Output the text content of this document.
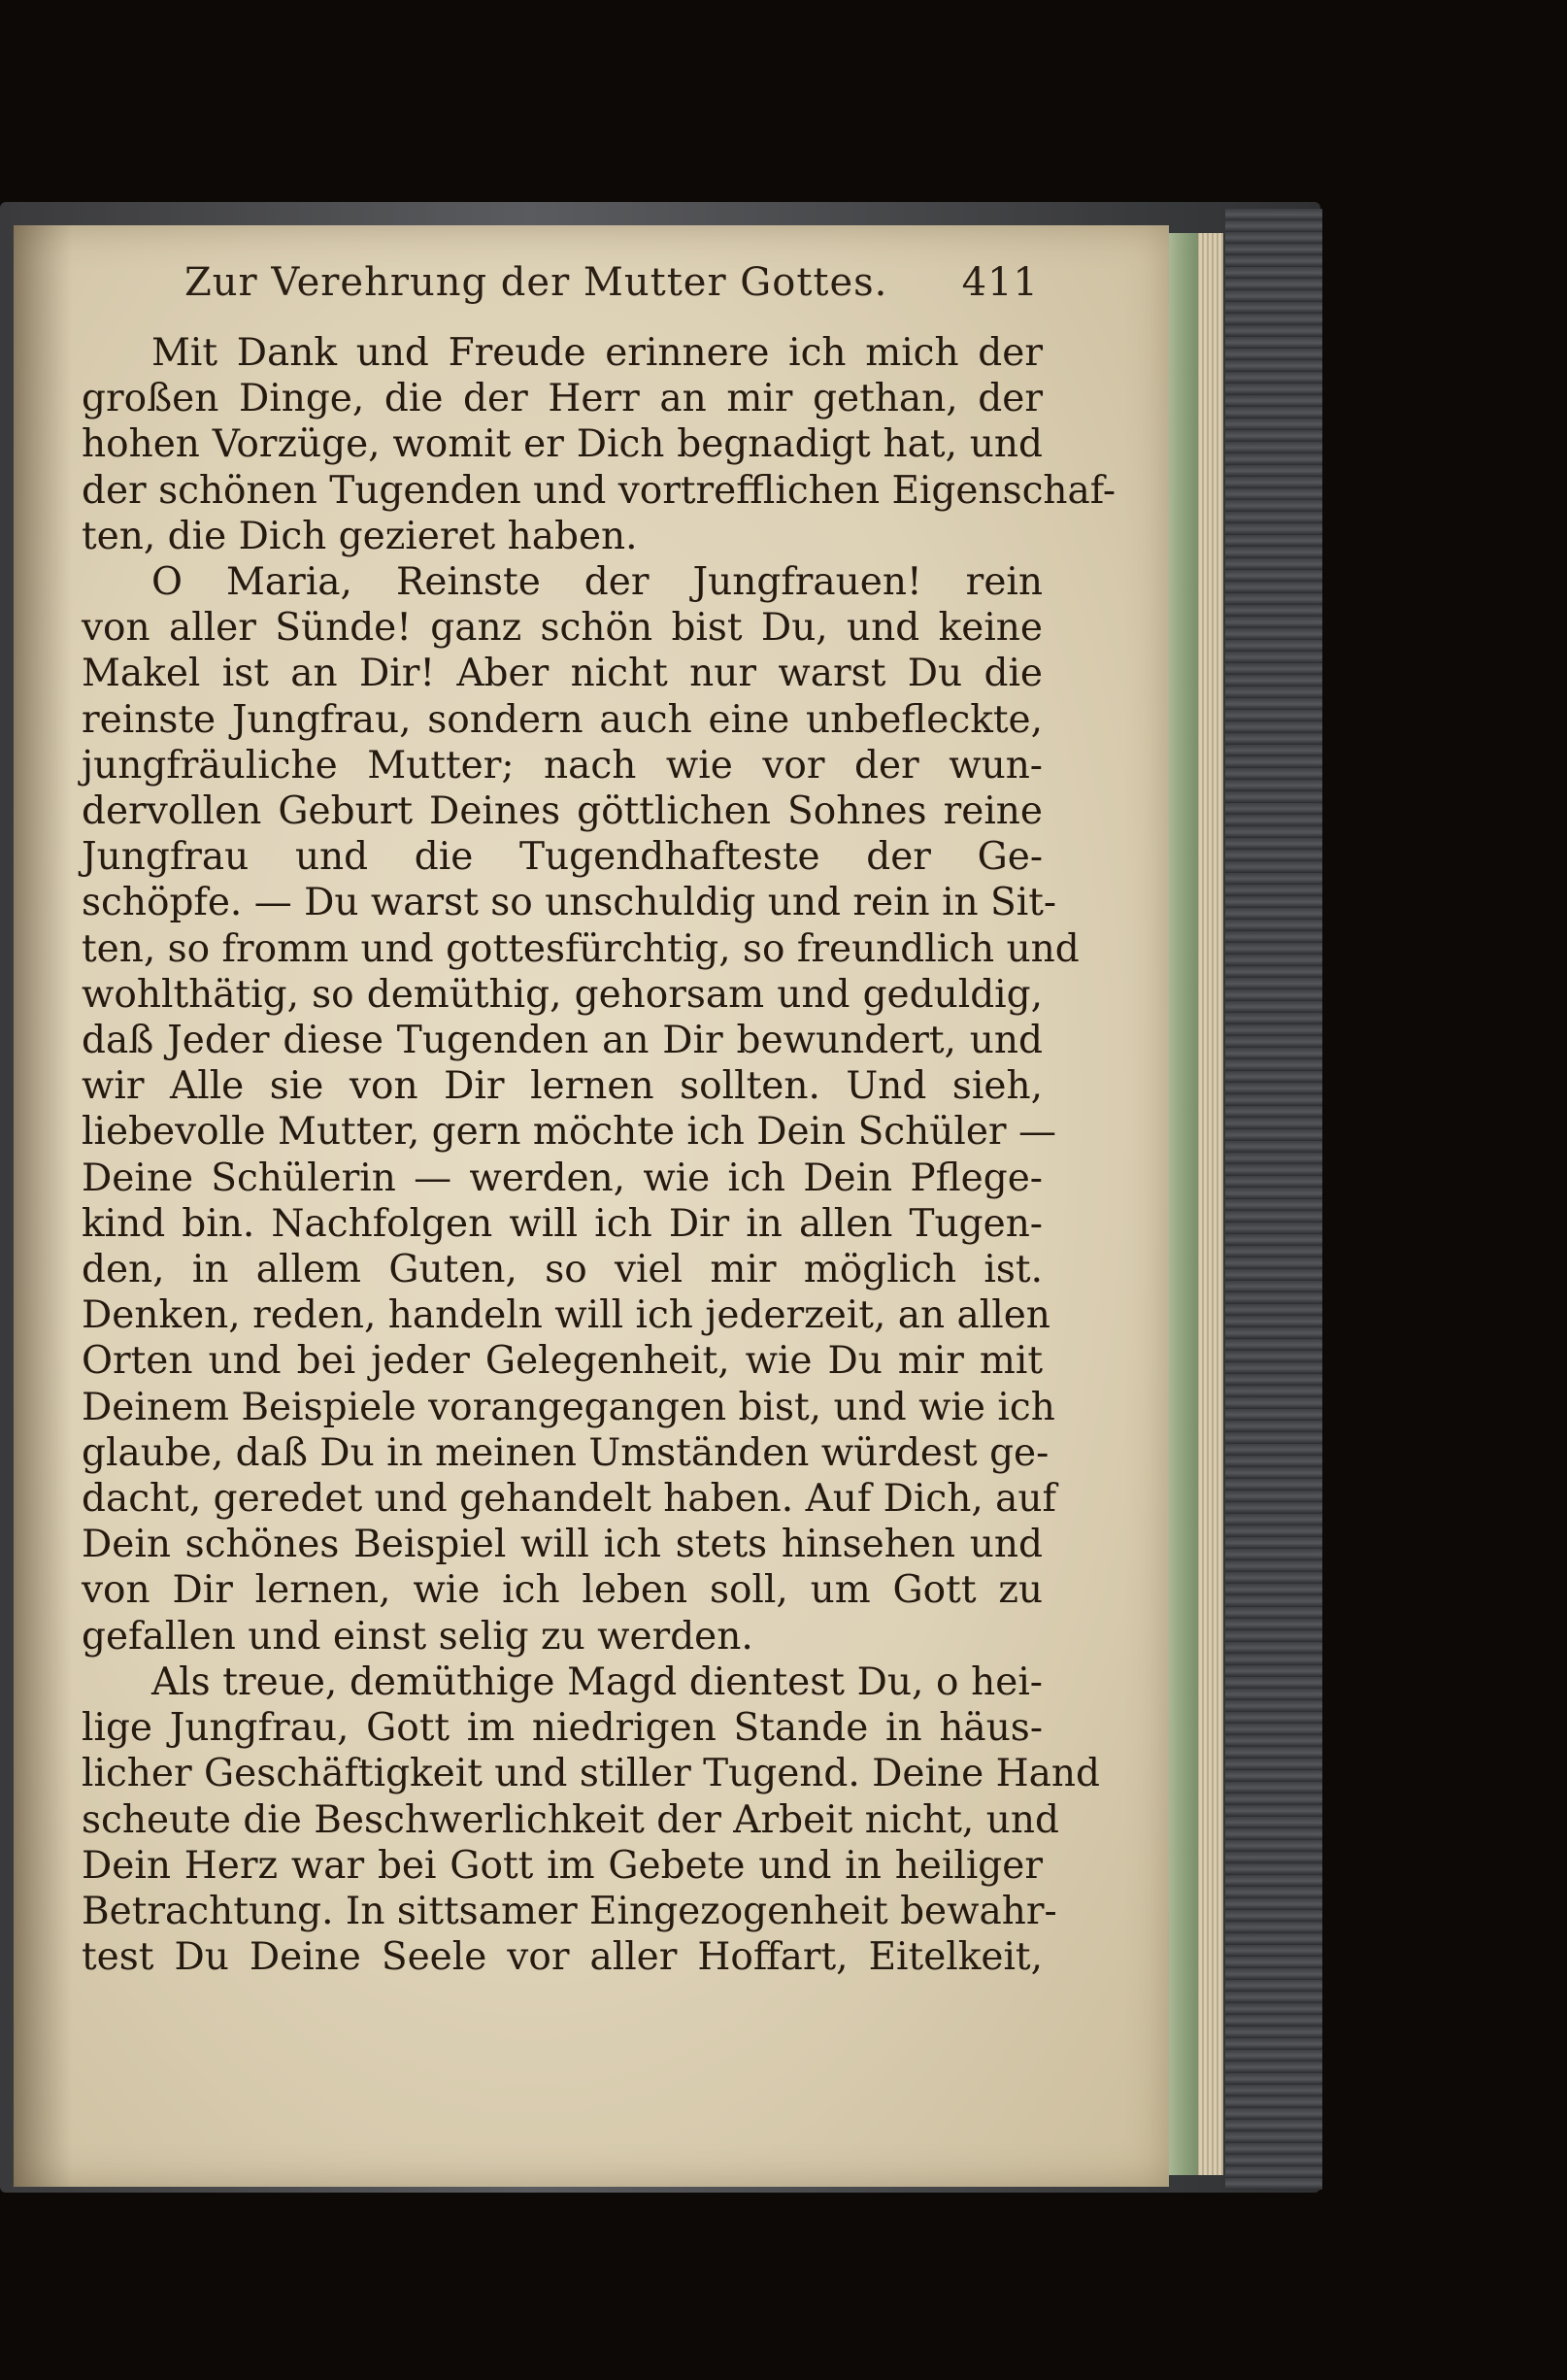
Zur Verehrung der Mutter Gottes. 411
Mit Dank und Freude erinnere ich mich der
großen Dinge, die der Herr an mir gethan, der
hohen Vorzüge, womit er Dich begnadigt hat, und
der schönen Tugenden und vortrefflichen Eigenschaf-
ten, die Dich gezieret haben.
O Maria, Reinste der Jungfrauen! rein
von aller Sünde! ganz schön bist Du, und keine
Makel ist an Dir! Aber nicht nur warst Du die
reinste Jungfrau, sondern auch eine unbefleckte,
jungfräuliche Mutter; nach wie vor der wun-
dervollen Geburt Deines göttlichen Sohnes reine
Jungfrau und die Tugendhafteste der Ge-
schöpfe. — Du warst so unschuldig und rein in Sit-
ten, so fromm und gottesfürchtig, so freundlich und
wohlthätig, so demüthig, gehorsam und geduldig,
daß Jeder diese Tugenden an Dir bewundert, und
wir Alle sie von Dir lernen sollten. Und sieh,
liebevolle Mutter, gern möchte ich Dein Schüler —
Deine Schülerin — werden, wie ich Dein Pflege-
kind bin. Nachfolgen will ich Dir in allen Tugen-
den, in allem Guten, so viel mir möglich ist.
Denken, reden, handeln will ich jederzeit, an allen
Orten und bei jeder Gelegenheit, wie Du mir mit
Deinem Beispiele vorangegangen bist, und wie ich
glaube, daß Du in meinen Umständen würdest ge-
dacht, geredet und gehandelt haben. Auf Dich, auf
Dein schönes Beispiel will ich stets hinsehen und
von Dir lernen, wie ich leben soll, um Gott zu
gefallen und einst selig zu werden.
Als treue, demüthige Magd dientest Du, o hei-
lige Jungfrau, Gott im niedrigen Stande in häus-
licher Geschäftigkeit und stiller Tugend. Deine Hand
scheute die Beschwerlichkeit der Arbeit nicht, und
Dein Herz war bei Gott im Gebete und in heiliger
Betrachtung. In sittsamer Eingezogenheit bewahr-
test Du Deine Seele vor aller Hoffart, Eitelkeit,
